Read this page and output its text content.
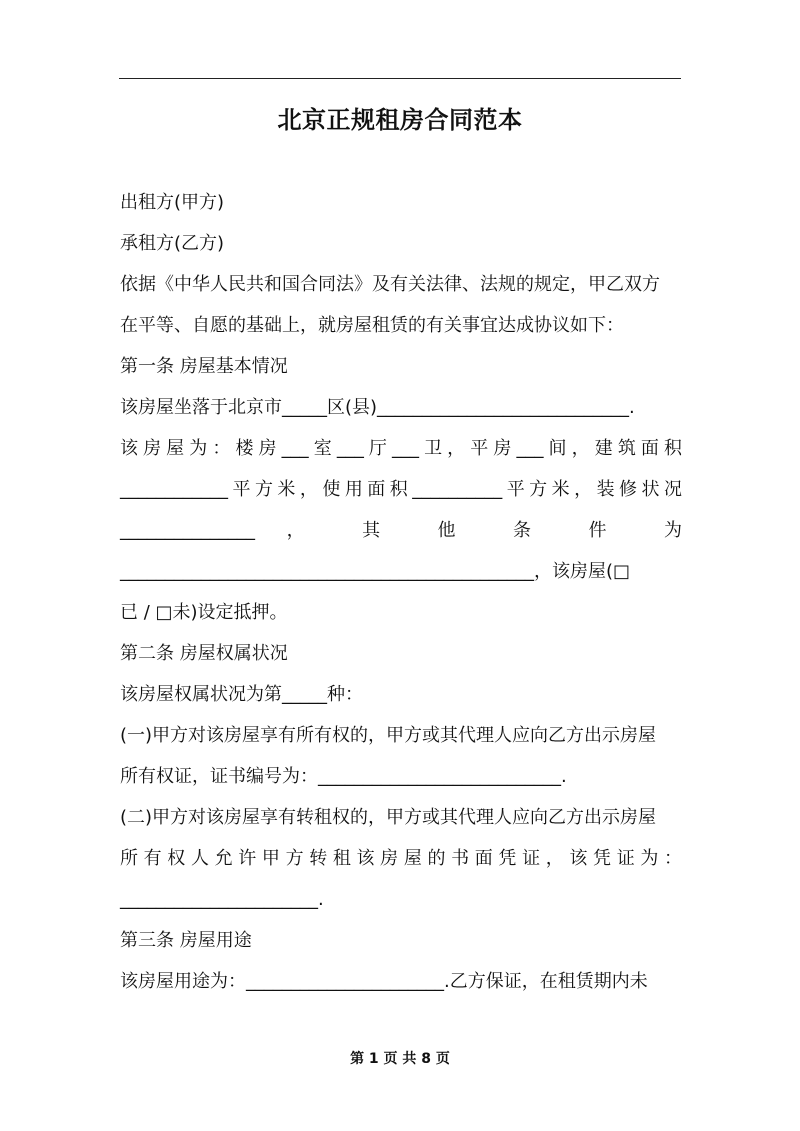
北京正规租房合同范本
出租方(甲方)
承租方(乙方)
依据《中华人民共和国合同法》及有关法律、法规的规定，甲乙双方
在平等、自愿的基础上，就房屋租赁的有关事宜达成协议如下：
第一条 房屋基本情况
该房屋坐落于北京市_____区(县)____________________________.
该房屋为：楼房___室___厅___卫，平房___间，建筑面积
____________平方米，使用面积__________平方米，装修状况
_______________ ， 其 他 条 件 为
______________________________________________，该房屋(□
已 / □未)设定抵押。
第二条 房屋权属状况
该房屋权属状况为第_____种：
(一)甲方对该房屋享有所有权的，甲方或其代理人应向乙方出示房屋
所有权证，证书编号为：___________________________.
(二)甲方对该房屋享有转租权的，甲方或其代理人应向乙方出示房屋
所有权人允许甲方转租该房屋的书面凭证，该凭证为：
______________________.
第三条 房屋用途
该房屋用途为：______________________.乙方保证，在租赁期内未
第 1 页 共 8 页
